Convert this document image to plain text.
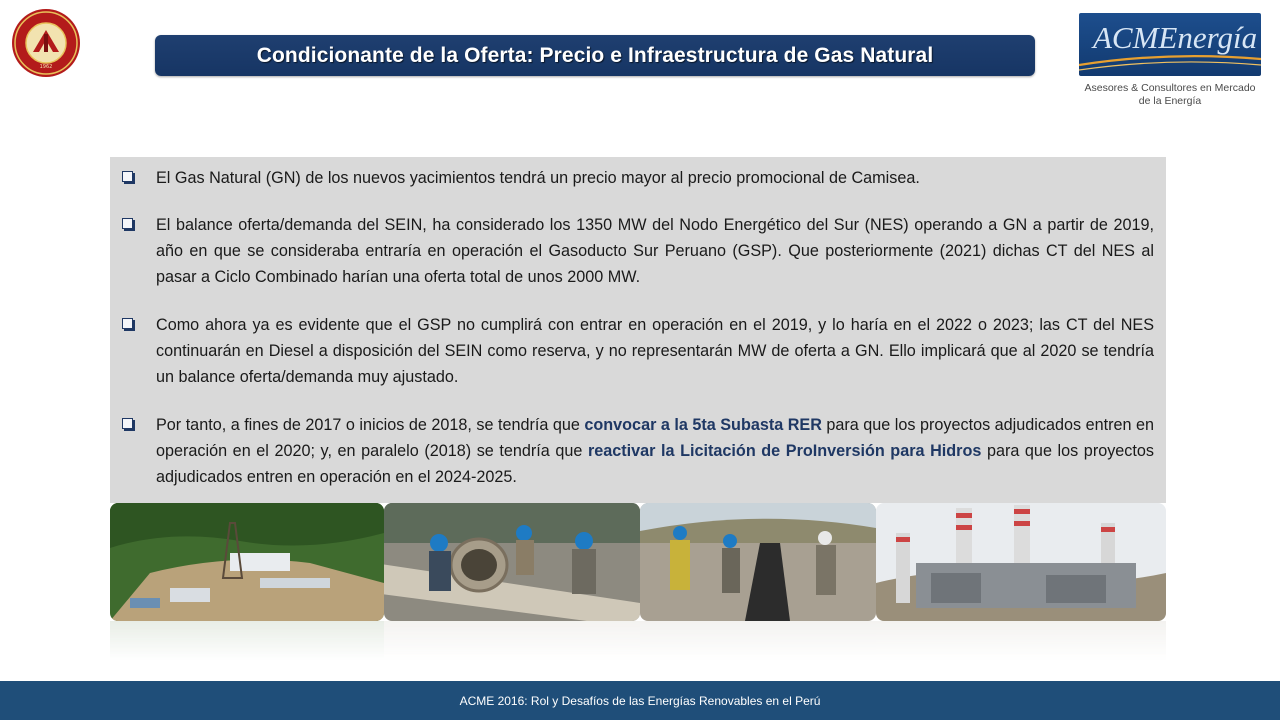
1962
Condicionante de la Oferta: Precio e Infraestructura de Gas Natural	ACMEnergía
Asesores & Consultores en Mercado
de la Energía

El Gas Natural (GN) de los nuevos yacimientos tendrá un precio mayor al precio promocional de Camisea.

El balance oferta/demanda del SEIN, ha considerado los 1350 MW del Nodo Energético del Sur (NES) operando a GN a partir de 2019, año en que se consideraba entraría en operación el Gasoducto Sur Peruano (GSP). Que posteriormente (2021) dichas CT del NES al pasar a Ciclo Combinado harían una oferta total de unos 2000 MW.

Como ahora ya es evidente que el GSP no cumplirá con entrar en operación en el 2019, y lo haría en el 2022 o 2023; las CT del NES continuarán en Diesel a disposición del SEIN como reserva, y no representarán MW de oferta a GN. Ello implicará que al 2020 se tendría un balance oferta/demanda muy ajustado.

Por tanto, a fines de 2017 o inicios de 2018, se tendría que convocar a la 5ta Subasta RER para que los proyectos adjudicados entren en operación en el 2020; y, en paralelo (2018) se tendría que reactivar la Licitación de ProInversión para Hidros para que los proyectos adjudicados entren en operación en el 2024-2025.

ACME 2016: Rol y Desafíos de las Energías Renovables en el Perú
